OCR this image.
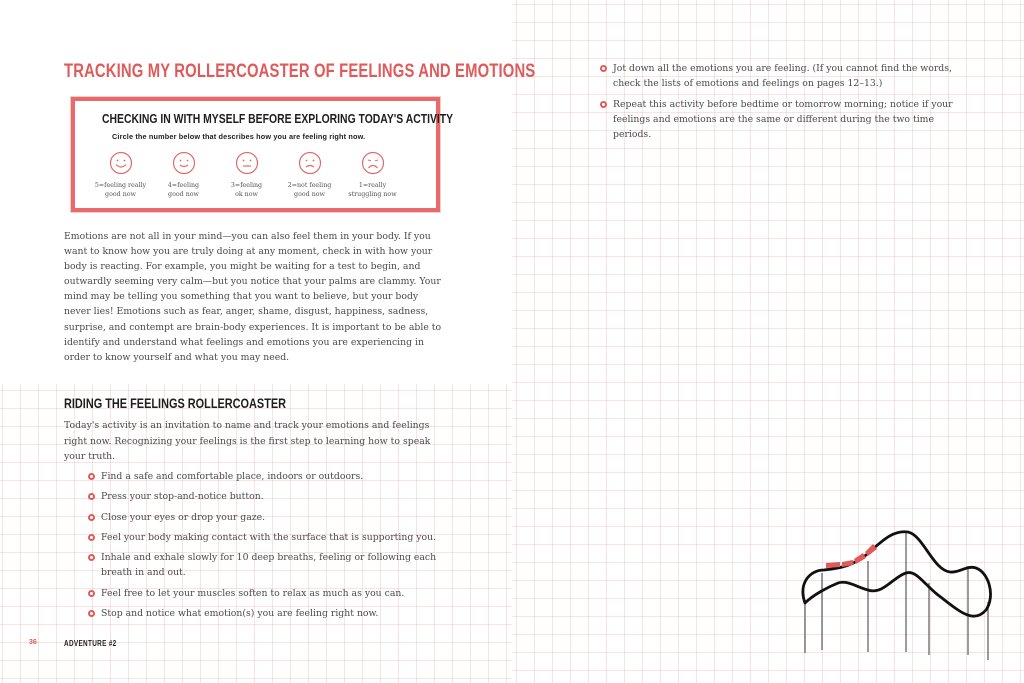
TRACKING MY ROLLERCOASTER OF FEELINGS AND EMOTIONS
CHECKING IN WITH MYSELF BEFORE EXPLORING TODAY'S ACTIVITY
Circle the number below that describes how you are feeling right now.
5=feeling really
good now
4=feeling
good now
3=feeling
ok now
2=not feeling
good now
1=really
struggling now

Emotions are not all in your mind—you can also feel them in your body. If you want to know how you are truly doing at any moment, check in with how your body is reacting. For example, you might be waiting for a test to begin, and outwardly seeming very calm—but you notice that your palms are clammy. Your mind may be telling you something that you want to believe, but your body never lies! Emotions such as fear, anger, shame, disgust, happiness, sadness, surprise, and contempt are brain-body experiences. It is important to be able to identify and understand what feelings and emotions you are experiencing in order to know yourself and what you may need.

RIDING THE FEELINGS ROLLERCOASTER

Today's activity is an invitation to name and track your emotions and feelings right now. Recognizing your feelings is the first step to learning how to speak your truth.

Find a safe and comfortable place, indoors or outdoors.
Press your stop-and-notice button.
Close your eyes or drop your gaze.
Feel your body making contact with the surface that is supporting you.
Inhale and exhale slowly for 10 deep breaths, feeling or following each breath in and out.
Feel free to let your muscles soften to relax as much as you can.
Stop and notice what emotion(s) you are feeling right now.
36	ADVENTURE #2
Jot down all the emotions you are feeling. (If you cannot find the words, check the lists of emotions and feelings on pages 12–13.)
Repeat this activity before bedtime or tomorrow morning; notice if your feelings and emotions are the same or different during the two time periods.
